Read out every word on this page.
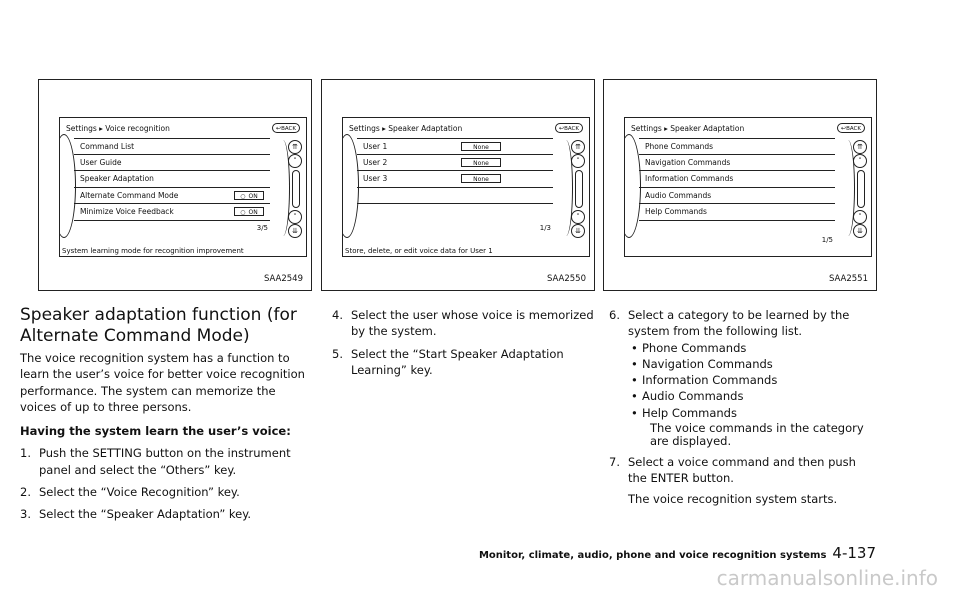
Settings ▸ Voice recognition	↩BACK
Command List
User Guide
Speaker Adaptation
Alternate Command Mode	○ ON
Minimize Voice Feedback	○ ON
⇈
˄
˅
⇊
3/5
System learning mode for recognition improvement
SAA2549
Settings ▸ Speaker Adaptation	↩BACK
User 1	None
User 2	None
User 3	None
⇈
˄
˅
⇊
1/3
Store, delete, or edit voice data for User 1
SAA2550
Settings ▸ Speaker Adaptation	↩BACK
Phone Commands
Navigation Commands
Information Commands
Audio Commands
Help Commands
⇈
˄
˅
⇊
1/5
SAA2551
Speaker adaptation function (for Alternate Command Mode)

The voice recognition system has a function to learn the user’s voice for better voice recognition performance. The system can memorize the voices of up to three persons.

Having the system learn the user’s voice:

1. Push the SETTING button on the instrument panel and select the “Others” key.
2. Select the “Voice Recognition” key.
3. Select the “Speaker Adaptation” key.
4. Select the user whose voice is memorized by the system.
5. Select the “Start Speaker Adaptation Learning” key.
6. Select a category to be learned by the system from the following list.
• Phone Commands
• Navigation Commands
• Information Commands
• Audio Commands
• Help Commands
The voice commands in the category are displayed.
7. Select a voice command and then push the ENTER button.
The voice recognition system starts.
Monitor, climate, audio, phone and voice recognition systems 4-137
carmanualsonline.info
